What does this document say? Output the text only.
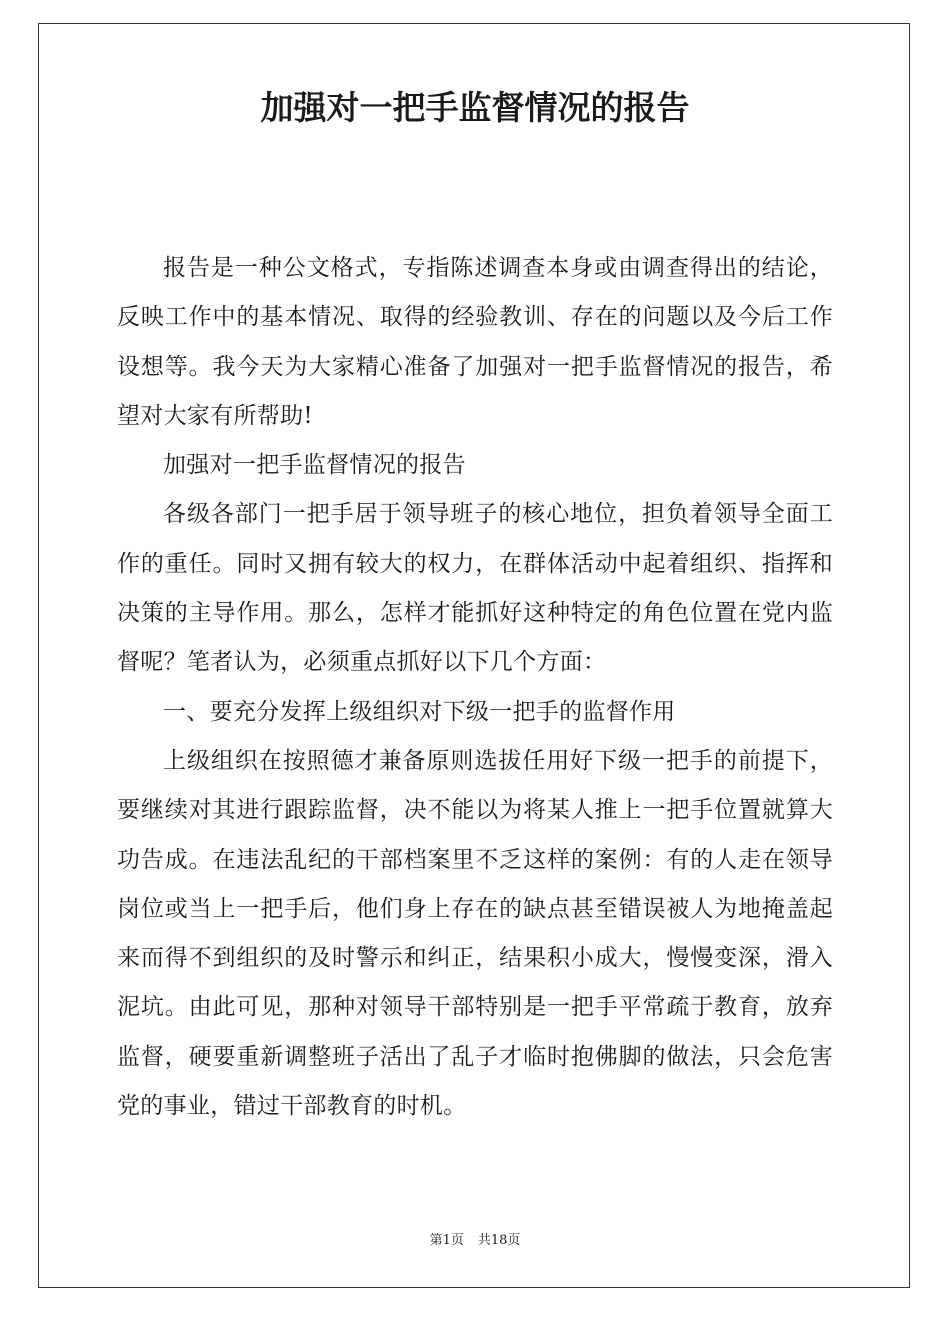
加强对一把手监督情况的报告

报告是一种公文格式，专指陈述调查本身或由调查得出的结论，反映工作中的基本情况、取得的经验教训、存在的问题以及今后工作设想等。我今天为大家精心准备了加强对一把手监督情况的报告，希望对大家有所帮助!

加强对一把手监督情况的报告

各级各部门一把手居于领导班子的核心地位，担负着领导全面工作的重任。同时又拥有较大的权力，在群体活动中起着组织、指挥和决策的主导作用。那么，怎样才能抓好这种特定的角色位置在党内监督呢？笔者认为，必须重点抓好以下几个方面：

一、要充分发挥上级组织对下级一把手的监督作用

上级组织在按照德才兼备原则选拔任用好下级一把手的前提下，要继续对其进行跟踪监督，决不能以为将某人推上一把手位置就算大功告成。在违法乱纪的干部档案里不乏这样的案例：有的人走在领导岗位或当上一把手后，他们身上存在的缺点甚至错误被人为地掩盖起来而得不到组织的及时警示和纠正，结果积小成大，慢慢变深，滑入泥坑。由此可见，那种对领导干部特别是一把手平常疏于教育，放弃监督，硬要重新调整班子活出了乱子才临时抱佛脚的做法，只会危害党的事业，错过干部教育的时机。

第1页 共18页
